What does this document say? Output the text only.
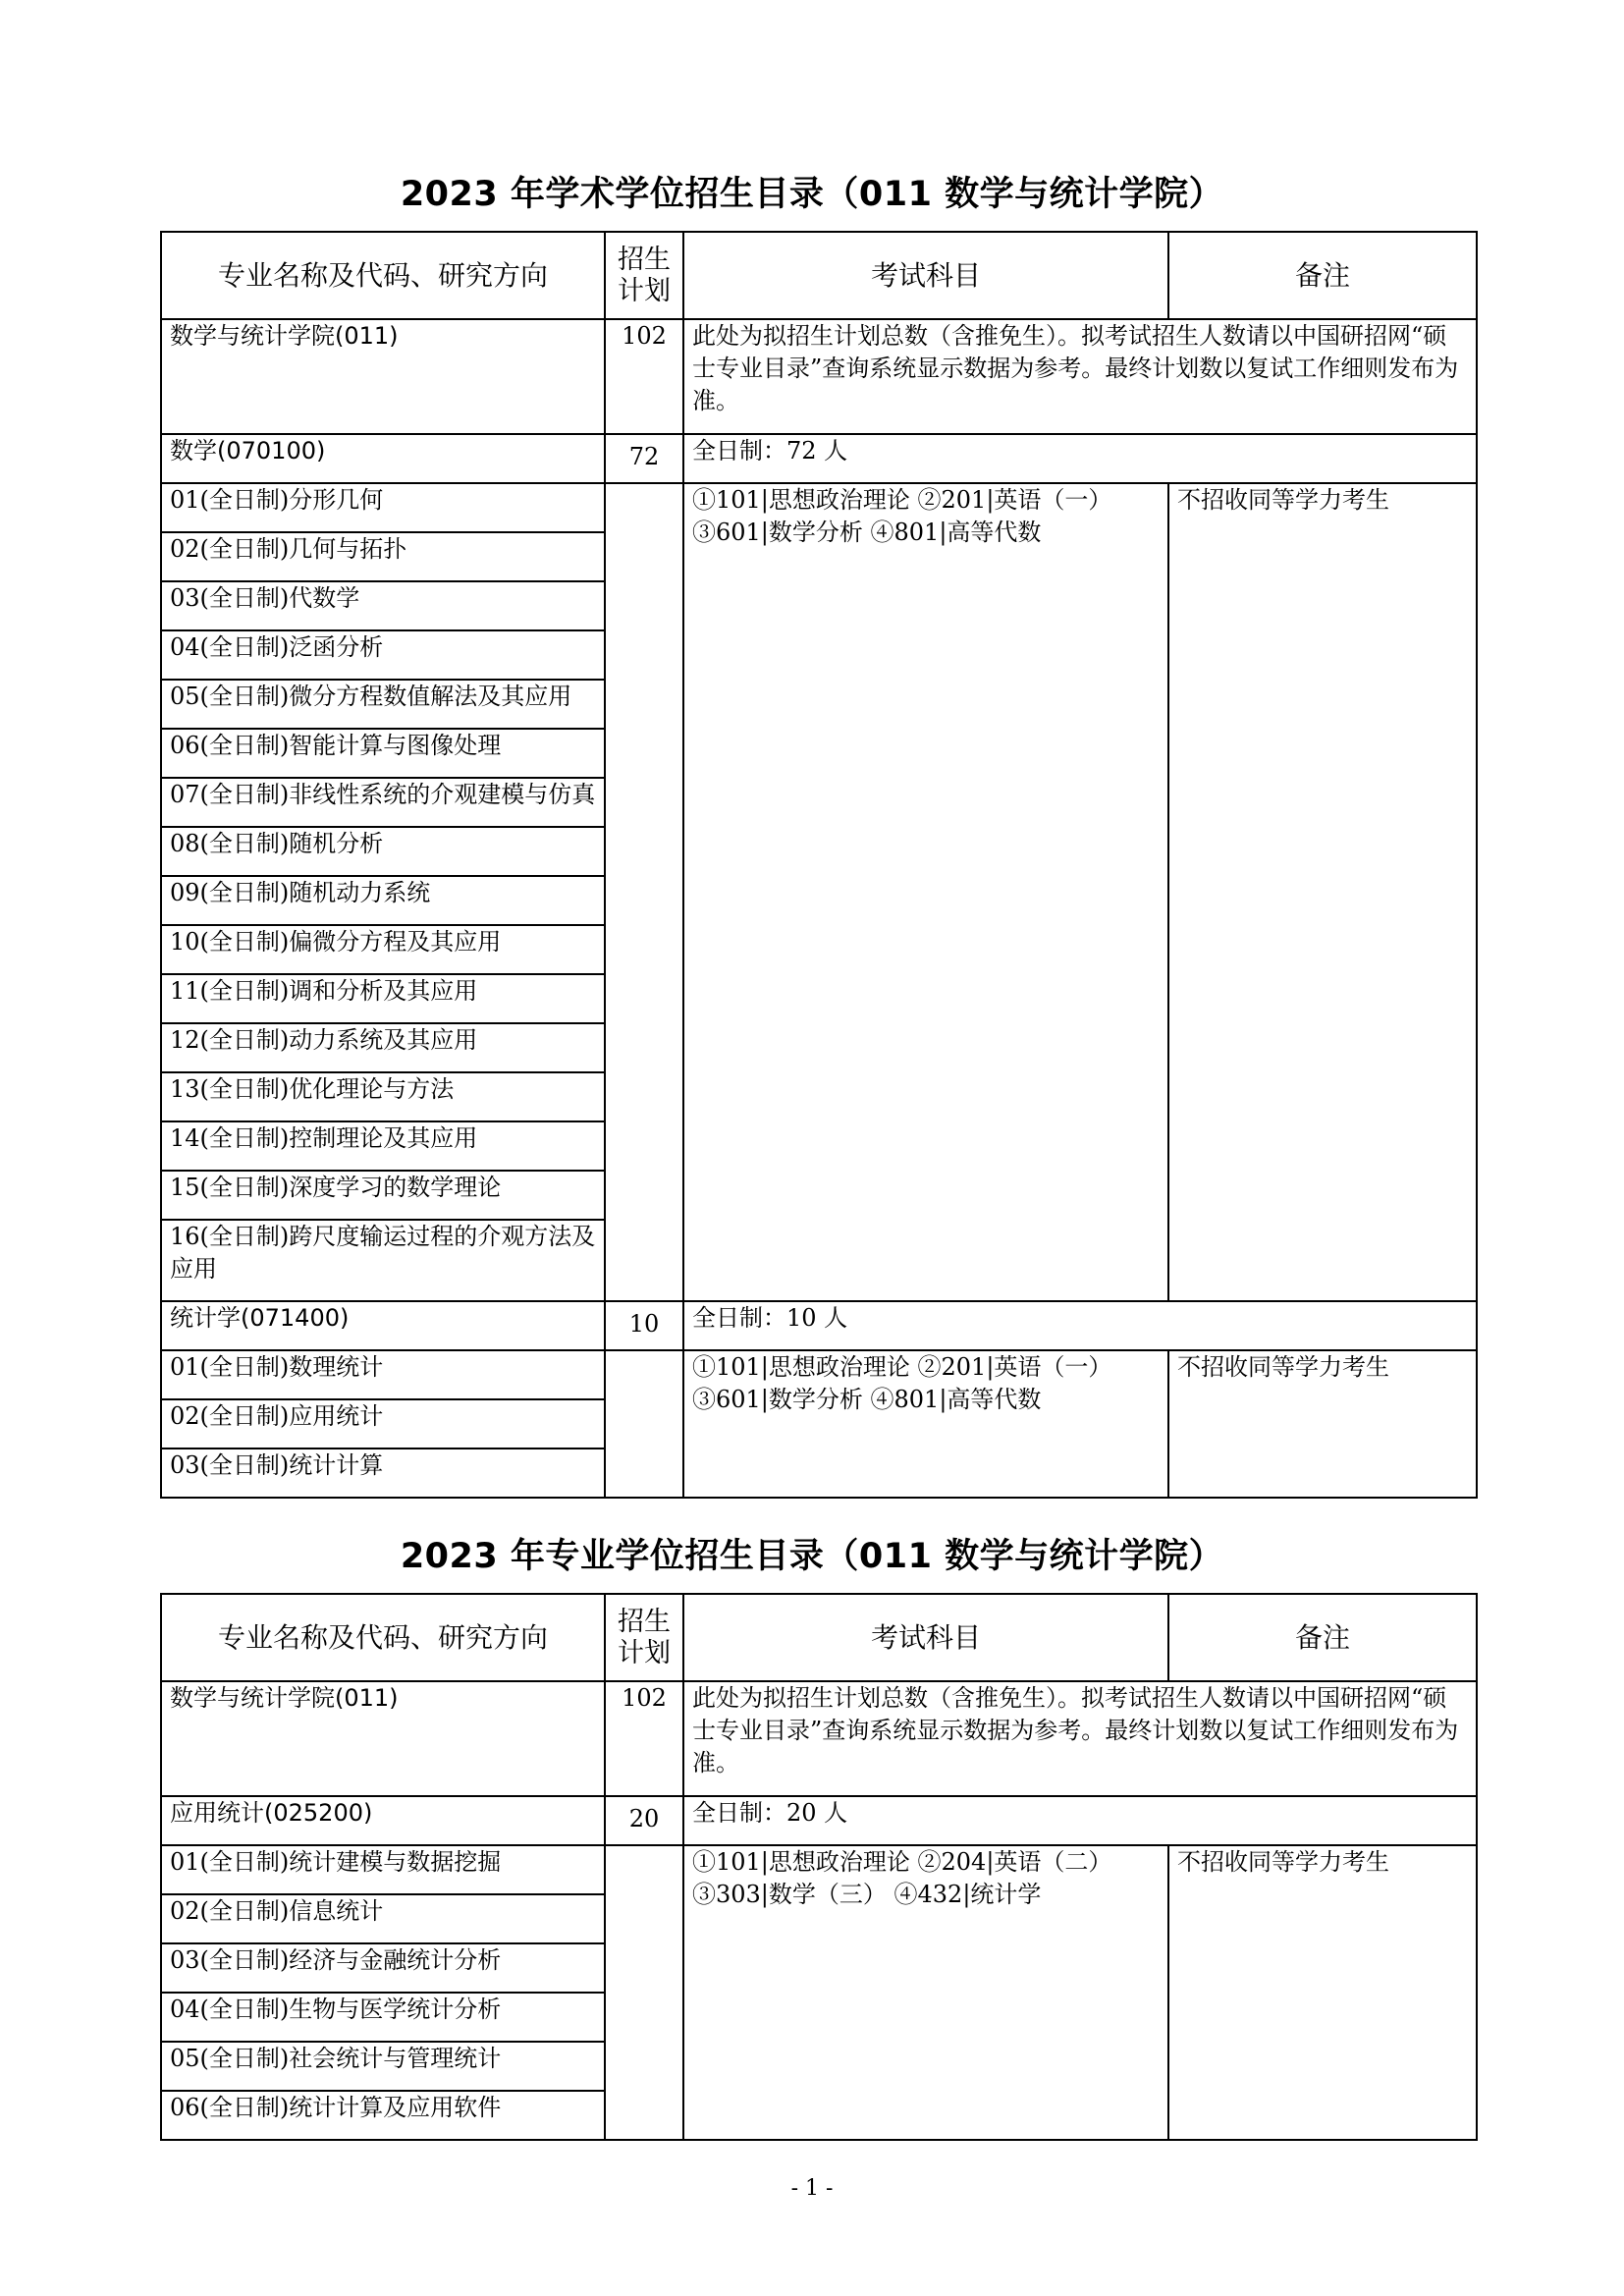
2023 年学术学位招生目录（011 数学与统计学院）
专业名称及代码、研究方向	招生
计划	考试科目	备注
数学与统计学院(011)	102	此处为拟招生计划总数（含推免生）。拟考试招生人数请以中国研招网“硕士专业目录”查询系统显示数据为参考。最终计划数以复试工作细则发布为准。	
数学(070100)	72	全日制：72 人	
01(全日制)分形几何		①101|思想政治理论 ②201|英语（一）
③601|数学分析 ④801|高等代数	不招收同等学力考生
02(全日制)几何与拓扑			
03(全日制)代数学			
04(全日制)泛函分析			
05(全日制)微分方程数值解法及其应用			
06(全日制)智能计算与图像处理			
07(全日制)非线性系统的介观建模与仿真			
08(全日制)随机分析			
09(全日制)随机动力系统			
10(全日制)偏微分方程及其应用			
11(全日制)调和分析及其应用			
12(全日制)动力系统及其应用			
13(全日制)优化理论与方法			
14(全日制)控制理论及其应用			
15(全日制)深度学习的数学理论			
16(全日制)跨尺度输运过程的介观方法及应用			
统计学(071400)	10	全日制：10 人	
01(全日制)数理统计		①101|思想政治理论 ②201|英语（一）
③601|数学分析 ④801|高等代数	不招收同等学力考生
02(全日制)应用统计			
03(全日制)统计计算			
2023 年专业学位招生目录（011 数学与统计学院）
专业名称及代码、研究方向	招生
计划	考试科目	备注
数学与统计学院(011)	102	此处为拟招生计划总数（含推免生）。拟考试招生人数请以中国研招网“硕士专业目录”查询系统显示数据为参考。最终计划数以复试工作细则发布为准。	
应用统计(025200)	20	全日制：20 人	
01(全日制)统计建模与数据挖掘		①101|思想政治理论 ②204|英语（二）
③303|数学（三） ④432|统计学	不招收同等学力考生
02(全日制)信息统计			
03(全日制)经济与金融统计分析			
04(全日制)生物与医学统计分析			
05(全日制)社会统计与管理统计			
06(全日制)统计计算及应用软件			
- 1 -
